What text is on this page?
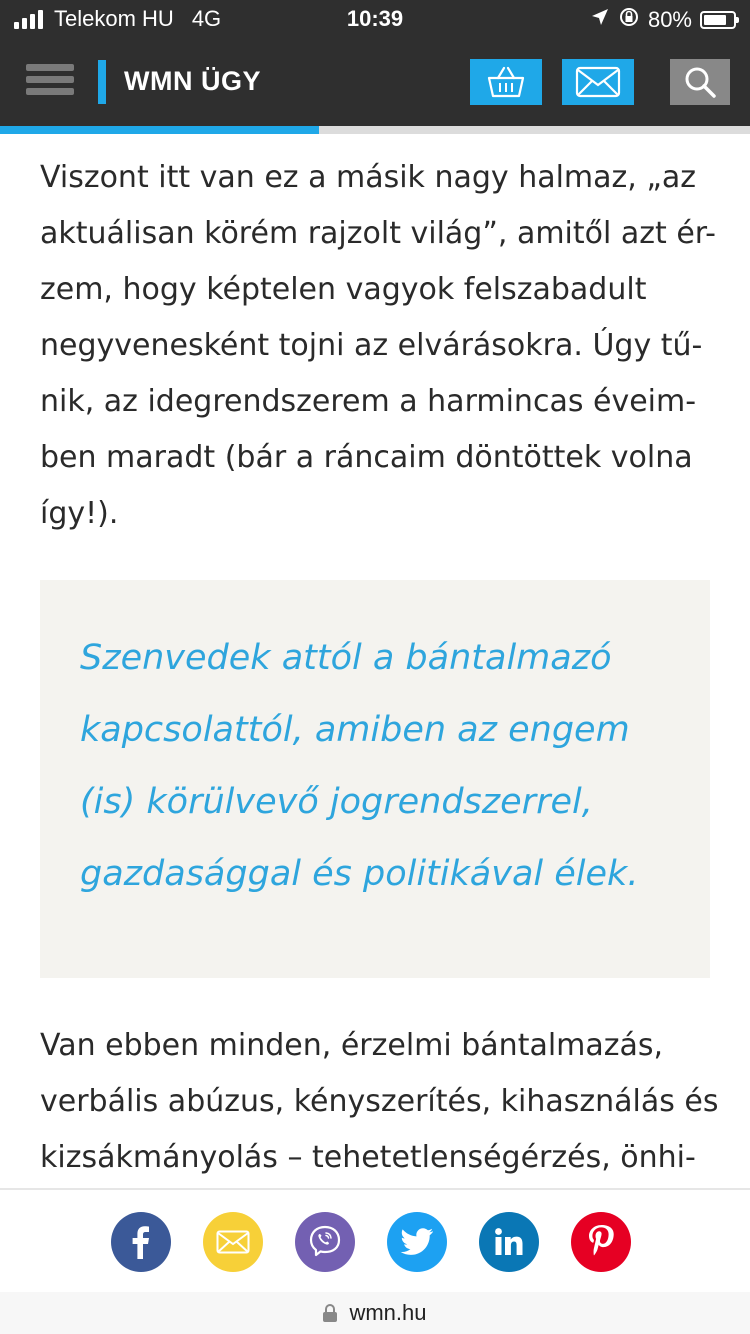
Telekom HU 4G	10:39	80%
WMN ÜGY

Viszont itt van ez a másik nagy halmaz, „az
aktuálisan körém rajzolt világ”, amitől azt ér-
zem, hogy képtelen vagyok felszabadult
negyvenesként tojni az elvárásokra. Úgy tű-
nik, az idegrendszerem a harmincas éveim-
ben maradt (bár a ráncaim döntöttek volna
így!).

Szenvedek attól a bántalmazó
kapcsolattól, amiben az engem
(is) körülvevő jogrendszerrel,
gazdasággal és politikával élek.

Van ebben minden, érzelmi bántalmazás,
verbális abúzus, kényszerítés, kihasználás és
kizsákmányolás – tehetetlenségérzés, önhi-

wmn.hu
